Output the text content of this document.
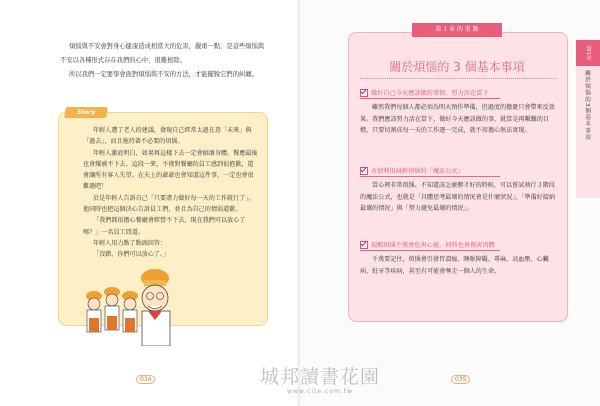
煩惱與不安會對身心健康造成相當大的危害，嚴重一點，是這些煩惱與不安以各種形式存在我們的心中，很難根除。

所以我們一定要學會面對煩惱與不安的方法，才能擺脫它們的糾纏。

Story

年輕人遭了老人的建議，發現自己經常太過在意「未來」與「過去」，而且拖持著不必要的煩惱。

年輕人激底明白，如果再這樣下去一定會搞壞身體，餐應最後也會耀被不下去。這段一來，不僅對餐廳的員工感到很抱歉，還會讓所有客人失望。在天上的爺爺也會知道這件事，一定也會很難過吧！

於是年輕人告訴自己「只要盡力做好每一天的工作就行了」。他同時也把這個決心告訴員工們，並且為自己的情弱道歉。

「我們都很擔心餐廳會經營不下去，現在我們可以放心了嗎？」一名員工問道。

年輕人用力點了點頭回答：

「沒錯，你們可以放心了。」

034	035
第 1 章 的 重 點
關於煩惱的 3 個基本事項
做好自己今天應該做的事情，努力活在當下

雖然我們每個人都必須為明天預作準備，但過度的擔憂只會帶來反效果。我們應該努力活在當下，做好今天應該做的事，就算是再艱難的目標，只要切割成每一天的工作逐一完成，就不用擔心無法實現。

善加利用減輕煩惱的「魔法公式」

當心裡非常煩惱、不知道該怎麼辦才好的時候，可以嘗試執行３階段的魔法公式，也就是「具體思考最壞的情況會是什麼狀況」、「準備好接納最壞的情況」與「努力避免最壞的情況」。

提醒煩惱不僅會危害心靈，同時也會傷害肉體

千萬要記住，煩惱會引發胃潰瘍、睡眠障礙、蕁麻、高血壓、心臟病、蛀牙等疾病，甚至有可能會奪走一個人的生命。

第1章
關於煩惱的3個基本事項
城邦讀書花園
www.cite.com.tw
